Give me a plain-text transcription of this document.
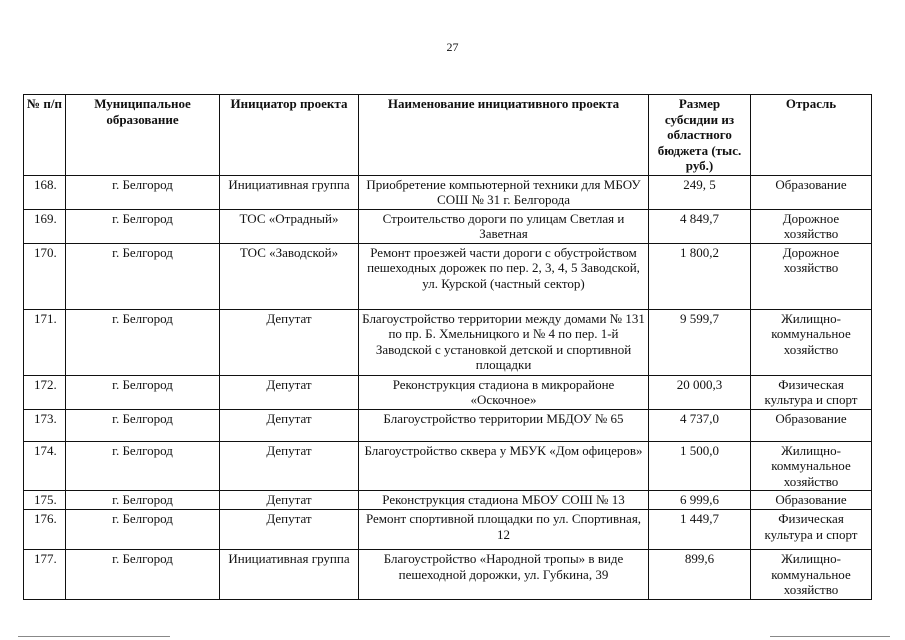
27
№ п/п	Муниципальное образование	Инициатор проекта	Наименование инициативного проекта	Размер субсидии из областного бюджета (тыс. руб.)	Отрасль
168.	г. Белгород	Инициативная группа	Приобретение компьютерной техники для МБОУ СОШ № 31 г. Белгорода	249, 5	Образование
169.	г. Белгород	ТОС «Отрадный»	Строительство дороги по улицам Светлая и Заветная	4 849,7	Дорожное хозяйство
170.	г. Белгород	ТОС «Заводской»	Ремонт проезжей части дороги с обустройством пешеходных дорожек по пер. 2, 3, 4, 5 Заводской, ул. Курской (частный сектор)	1 800,2	Дорожное хозяйство
171.	г. Белгород	Депутат	Благоустройство территории между домами № 131 по пр. Б. Хмельницкого и № 4 по пер. 1-й Заводской с установкой детской и спортивной площадки	9 599,7	Жилищно-коммунальное хозяйство
172.	г. Белгород	Депутат	Реконструкция стадиона в микрорайоне «Оскочное»	20 000,3	Физическая культура и спорт
173.	г. Белгород	Депутат	Благоустройство территории МБДОУ № 65	4 737,0	Образование
174.	г. Белгород	Депутат	Благоустройство сквера у МБУК «Дом офицеров»	1 500,0	Жилищно-коммунальное хозяйство
175.	г. Белгород	Депутат	Реконструкция стадиона МБОУ СОШ № 13	6 999,6	Образование
176.	г. Белгород	Депутат	Ремонт спортивной площадки по ул. Спортивная, 12	1 449,7	Физическая культура и спорт
177.	г. Белгород	Инициативная группа	Благоустройство «Народной тропы» в виде пешеходной дорожки, ул. Губкина, 39	899,6	Жилищно-коммунальное хозяйство
